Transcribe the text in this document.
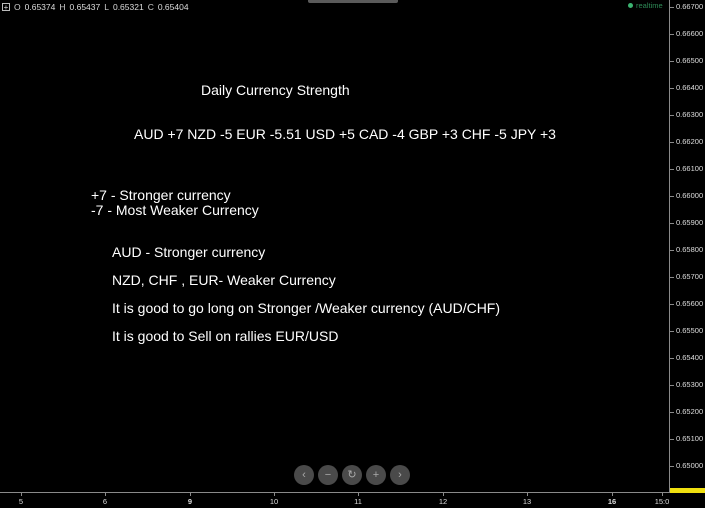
+ O 0.65374 H 0.65437 L 0.65321 C 0.65404	realtime
Daily Currency Strength
AUD +7 NZD -5 EUR -5.51 USD +5 CAD -4 GBP +3 CHF -5 JPY +3
+7 - Stronger currency
-7 - Most Weaker Currency
AUD - Stronger currency
NZD, CHF , EUR- Weaker Currency
It is good to go long on Stronger /Weaker currency (AUD/CHF)
It is good to Sell on rallies EUR/USD
0.66700
0.66600
0.66500
0.66400
0.66300
0.66200
0.66100
0.66000
0.65900
0.65800
0.65700
0.65600
0.65500
0.65400
0.65300
0.65200
0.65100
0.65000
5	6	9	10	11	12	13	16	15:0
‹	−	↻	+	›
